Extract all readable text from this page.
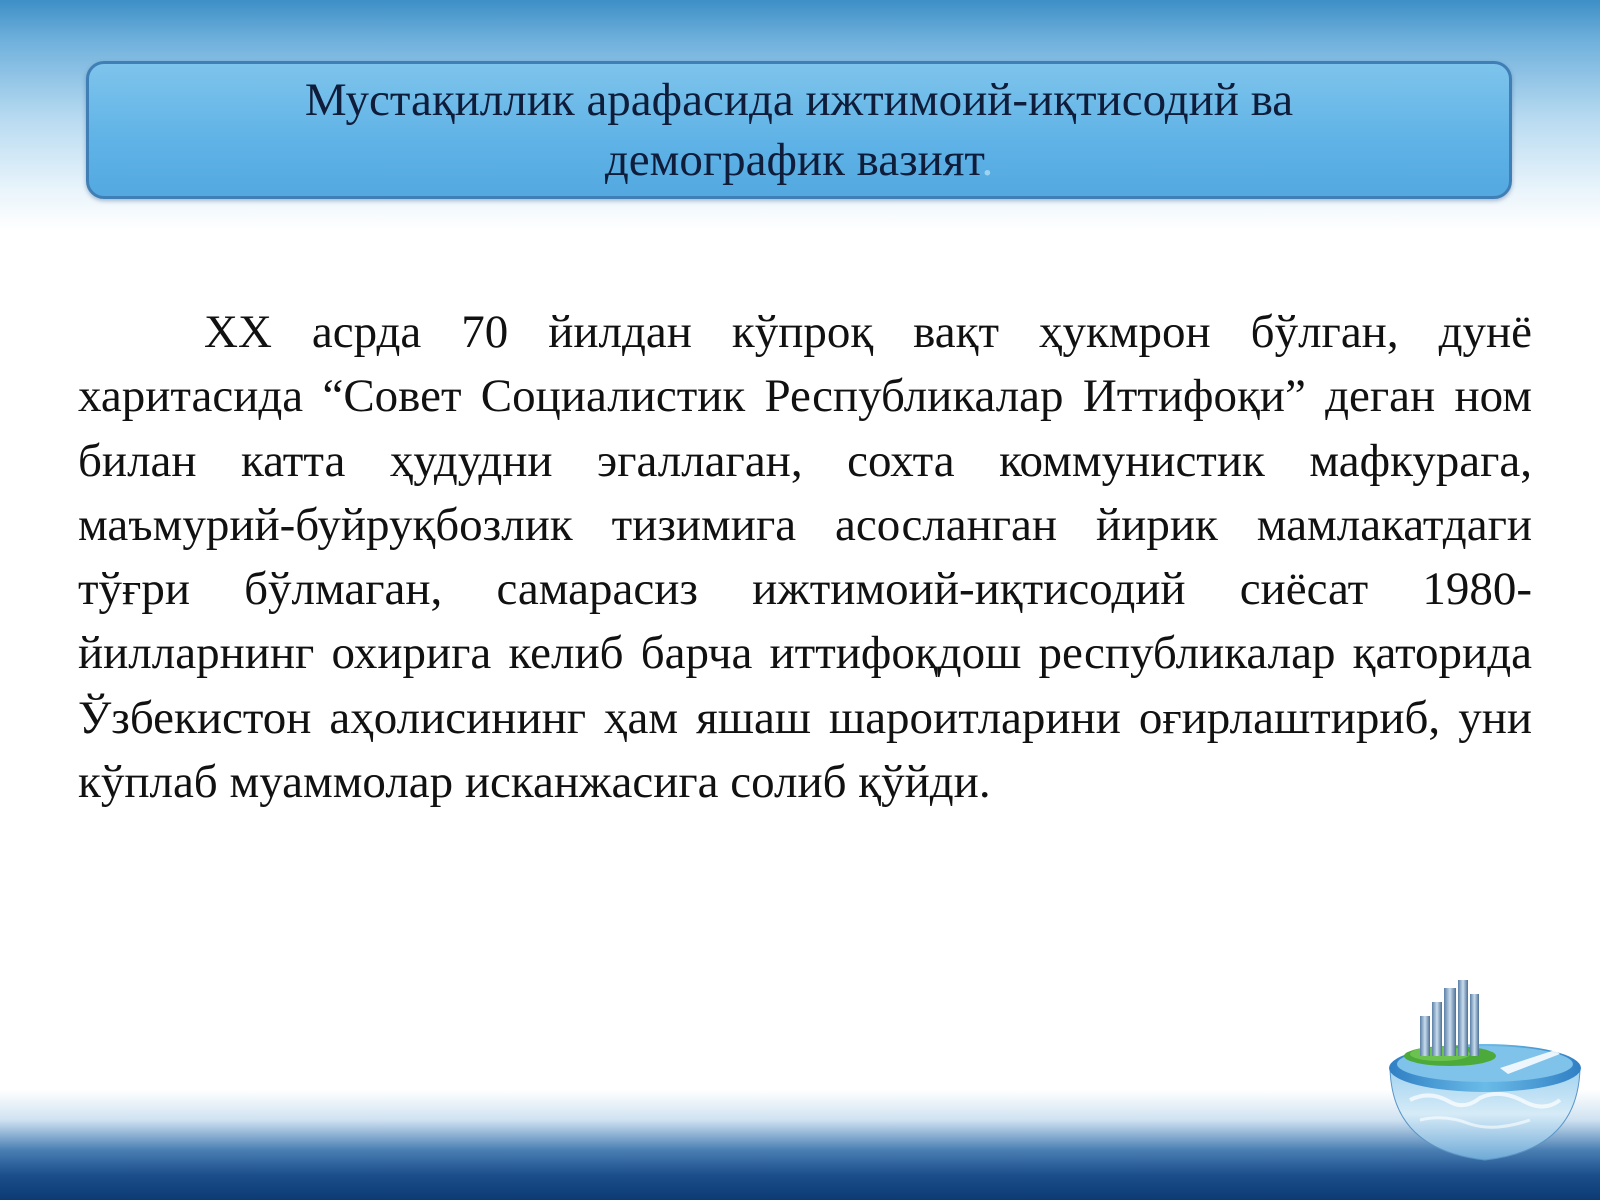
Мустақиллик арафасида ижтимоий-иқтисодий ва демографик вазият.

XX асрда 70 йилдан кўпроқ вақт ҳукмрон бўлган, дунё харитасида “Совет Социалистик Республикалар Иттифоқи” деган ном билан катта ҳудудни эгаллаган, сохта коммунистик мафкурага, маъмурий-буйруқбозлик тизимига асосланган йирик мамлакатдаги тўғри бўлмаган, самарасиз ижтимоий-иқтисодий сиёсат 1980-йилларнинг охирига келиб барча иттифоқдош республикалар қаторида Ўзбекистон аҳолисининг ҳам яшаш шароитларини оғирлаштириб, уни кўплаб муаммолар исканжасига солиб қўйди.
